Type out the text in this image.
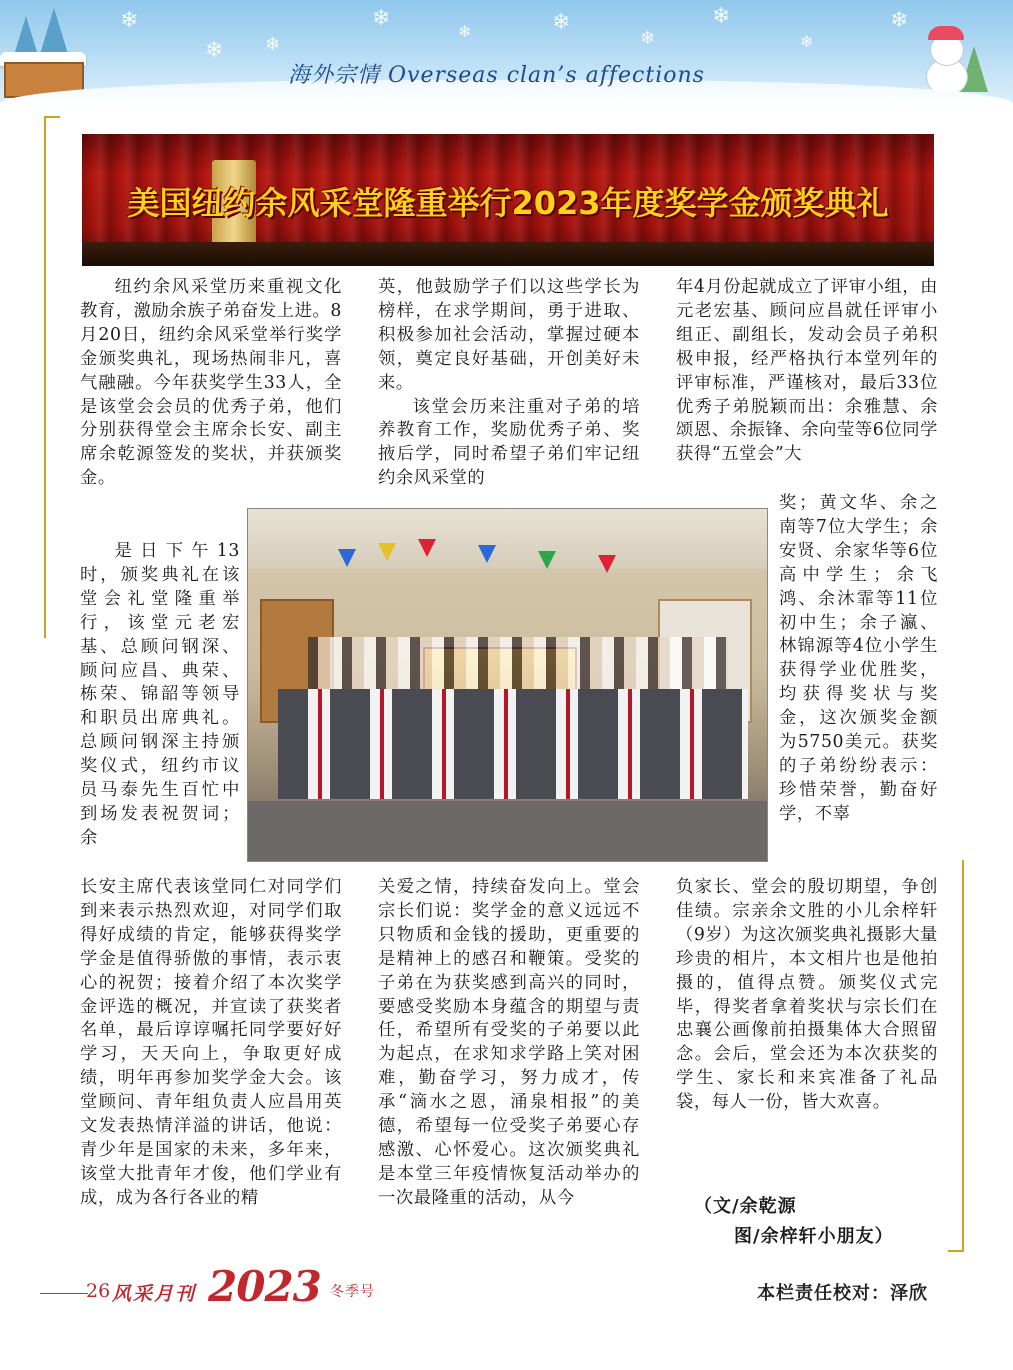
❄
❄ ❄
❄
❄	❄
❄
❄
❄
❄
海外宗情 Overseas clan’s affections
美国纽约余风采堂隆重举行2023年度奖学金颁奖典礼

纽约余风采堂历来重视文化教育，激励余族子弟奋发上进。8月20日，纽约余风采堂举行奖学金颁奖典礼，现场热闹非凡，喜气融融。今年获奖学生33人，全是该堂会会员的优秀子弟，他们分别获得堂会主席余长安、副主席余乾源签发的奖状，并获颁奖金。

是日下午13时，颁奖典礼在该堂会礼堂隆重举行，该堂元老宏基、总顾问钢深、顾问应昌、典荣、栋荣、锦韶等领导和职员出席典礼。总顾问钢深主持颁奖仪式，纽约市议员马泰先生百忙中到场发表祝贺词；余

长安主席代表该堂同仁对同学们到来表示热烈欢迎，对同学们取得好成绩的肯定，能够获得奖学学金是值得骄傲的事情，表示衷心的祝贺；接着介绍了本次奖学金评选的概况，并宣读了获奖者名单，最后谆谆嘱托同学要好好学习，天天向上，争取更好成绩，明年再参加奖学金大会。该堂顾问、青年组负责人应昌用英文发表热情洋溢的讲话，他说：青少年是国家的未来，多年来，该堂大批青年才俊，他们学业有成，成为各行各业的精

英，他鼓励学子们以这些学长为榜样，在求学期间，勇于进取、积极参加社会活动，掌握过硬本领，奠定良好基础，开创美好未来。

该堂会历来注重对子弟的培养教育工作，奖励优秀子弟、奖掖后学，同时希望子弟们牢记纽约余风采堂的

关爱之情，持续奋发向上。堂会宗长们说：奖学金的意义远远不只物质和金钱的援助，更重要的是精神上的感召和鞭策。受奖的子弟在为获奖感到高兴的同时，要感受奖励本身蕴含的期望与责任，希望所有受奖的子弟要以此为起点，在求知求学路上笑对困难，勤奋学习，努力成才，传承“滴水之恩，涌泉相报”的美德，希望每一位受奖子弟要心存感激、心怀爱心。这次颁奖典礼是本堂三年疫情恢复活动举办的一次最隆重的活动，从今

年4月份起就成立了评审小组，由元老宏基、顾问应昌就任评审小组正、副组长，发动会员子弟积极申报，经严格执行本堂列年的评审标准，严谨核对，最后33位优秀子弟脱颖而出：余雅慧、余颂恩、余振锋、余向莹等6位同学获得“五堂会”大

奖；黄文华、余之南等7位大学生；余安贤、余家华等6位高中学生；余飞鸿、余沐霏等11位初中生；余子瀛、林锦源等4位小学生获得学业优胜奖，均获得奖状与奖金，这次颁奖金额为5750美元。获奖的子弟纷纷表示：珍惜荣誉，勤奋好学，不辜

负家长、堂会的殷切期望，争创佳绩。宗亲余文胜的小儿余梓轩（9岁）为这次颁奖典礼摄影大量珍贵的相片，本文相片也是他拍摄的，值得点赞。颁奖仪式完毕，得奖者拿着奖状与宗长们在忠襄公画像前拍摄集体大合照留念。会后，堂会还为本次获奖的学生、家长和来宾准备了礼品袋，每人一份，皆大欢喜。

（文/余乾源
图/余梓轩小朋友）
26 风采月刊 2023 冬季号	本栏责任校对：泽欣
